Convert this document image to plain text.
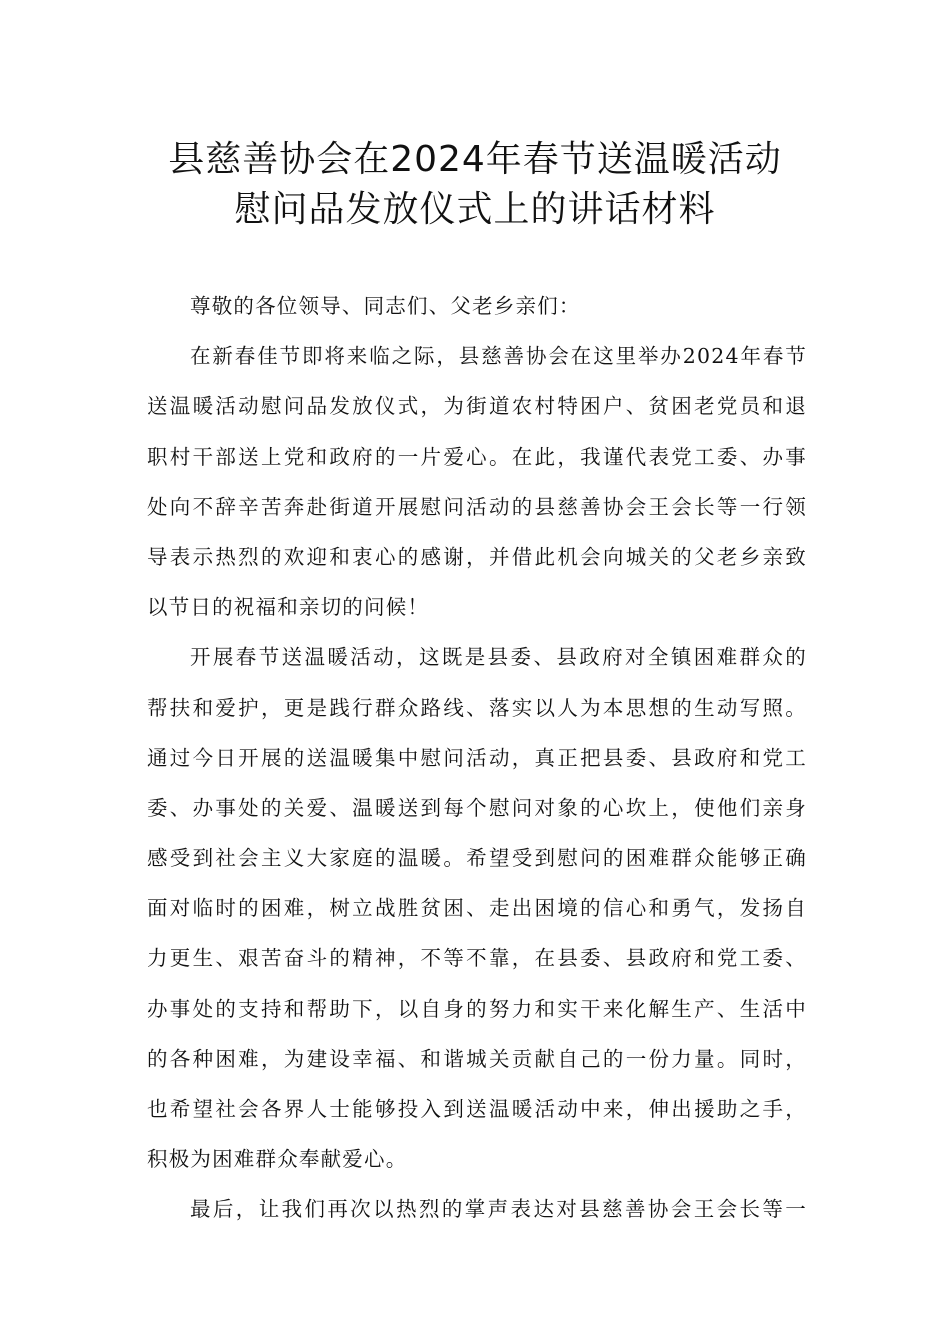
县慈善协会在2024年春节送温暖活动
慰问品发放仪式上的讲话材料
尊敬的各位领导、同志们、父老乡亲们：
在新春佳节即将来临之际，县慈善协会在这里举办2024年春节
送温暖活动慰问品发放仪式，为街道农村特困户、贫困老党员和退
职村干部送上党和政府的一片爱心。在此，我谨代表党工委、办事
处向不辞辛苦奔赴街道开展慰问活动的县慈善协会王会长等一行领
导表示热烈的欢迎和衷心的感谢，并借此机会向城关的父老乡亲致
以节日的祝福和亲切的问候！
开展春节送温暖活动，这既是县委、县政府对全镇困难群众的
帮扶和爱护，更是践行群众路线、落实以人为本思想的生动写照。
通过今日开展的送温暖集中慰问活动，真正把县委、县政府和党工
委、办事处的关爱、温暖送到每个慰问对象的心坎上，使他们亲身
感受到社会主义大家庭的温暖。希望受到慰问的困难群众能够正确
面对临时的困难，树立战胜贫困、走出困境的信心和勇气，发扬自
力更生、艰苦奋斗的精神，不等不靠，在县委、县政府和党工委、
办事处的支持和帮助下，以自身的努力和实干来化解生产、生活中
的各种困难，为建设幸福、和谐城关贡献自己的一份力量。同时，
也希望社会各界人士能够投入到送温暖活动中来，伸出援助之手，
积极为困难群众奉献爱心。
最后，让我们再次以热烈的掌声表达对县慈善协会王会长等一
